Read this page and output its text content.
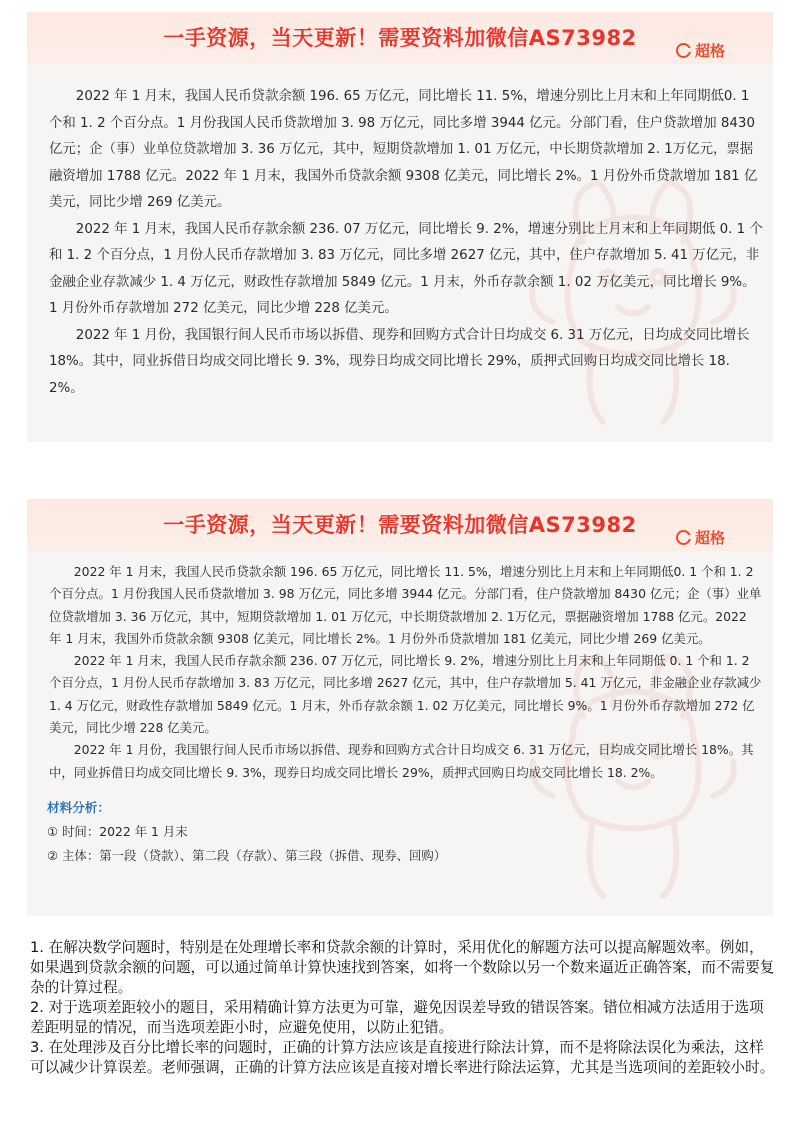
一手资源，当天更新！需要资料加微信AS73982
超格

2022 年 1 月末，我国人民币贷款余额 196. 65 万亿元，同比增长 11. 5%，增速分别比上月末和上年同期低0. 1 个和 1. 2 个百分点。1 月份我国人民币贷款增加 3. 98 万亿元，同比多增 3944 亿元。分部门看，住户贷款增加 8430 亿元；企（事）业单位贷款增加 3. 36 万亿元，其中，短期贷款增加 1. 01 万亿元，中长期贷款增加 2. 1万亿元，票据融资增加 1788 亿元。2022 年 1 月末，我国外币贷款余额 9308 亿美元，同比增长 2%。1 月份外币贷款增加 181 亿美元，同比少增 269 亿美元。

2022 年 1 月末，我国人民币存款余额 236. 07 万亿元，同比增长 9. 2%，增速分别比上月末和上年同期低 0. 1 个和 1. 2 个百分点，1 月份人民币存款增加 3. 83 万亿元，同比多增 2627 亿元，其中，住户存款增加 5. 41 万亿元，非金融企业存款减少 1. 4 万亿元，财政性存款增加 5849 亿元。1 月末，外币存款余额 1. 02 万亿美元，同比增长 9%。1 月份外币存款增加 272 亿美元，同比少增 228 亿美元。

2022 年 1 月份，我国银行间人民币市场以拆借、现券和回购方式合计日均成交 6. 31 万亿元，日均成交同比增长 18%。其中，同业拆借日均成交同比增长 9. 3%，现券日均成交同比增长 29%，质押式回购日均成交同比增长 18. 2%。

一手资源，当天更新！需要资料加微信AS73982
超格

2022 年 1 月末，我国人民币贷款余额 196. 65 万亿元，同比增长 11. 5%，增速分别比上月末和上年同期低0. 1 个和 1. 2 个百分点。1 月份我国人民币贷款增加 3. 98 万亿元，同比多增 3944 亿元。分部门看，住户贷款增加 8430 亿元；企（事）业单位贷款增加 3. 36 万亿元，其中，短期贷款增加 1. 01 万亿元，中长期贷款增加 2. 1万亿元，票据融资增加 1788 亿元。2022 年 1 月末，我国外币贷款余额 9308 亿美元，同比增长 2%。1 月份外币贷款增加 181 亿美元，同比少增 269 亿美元。

2022 年 1 月末，我国人民币存款余额 236. 07 万亿元，同比增长 9. 2%，增速分别比上月末和上年同期低 0. 1 个和 1. 2 个百分点，1 月份人民币存款增加 3. 83 万亿元，同比多增 2627 亿元，其中，住户存款增加 5. 41 万亿元，非金融企业存款减少 1. 4 万亿元，财政性存款增加 5849 亿元。1 月末，外币存款余额 1. 02 万亿美元，同比增长 9%。1 月份外币存款增加 272 亿美元，同比少增 228 亿美元。

2022 年 1 月份，我国银行间人民币市场以拆借、现券和回购方式合计日均成交 6. 31 万亿元，日均成交同比增长 18%。其中，同业拆借日均成交同比增长 9. 3%，现券日均成交同比增长 29%，质押式回购日均成交同比增长 18. 2%。

材料分析：
① 时间：2022 年 1 月末
② 主体：第一段（贷款）、第二段（存款）、第三段（拆借、现券、回购）

1. 在解决数学问题时，特别是在处理增长率和贷款余额的计算时，采用优化的解题方法可以提高解题效率。例如，如果遇到贷款余额的问题，可以通过简单计算快速找到答案，如将一个数除以另一个数来逼近正确答案，而不需要复杂的计算过程。

2. 对于选项差距较小的题目，采用精确计算方法更为可靠，避免因误差导致的错误答案。错位相减方法适用于选项差距明显的情况，而当选项差距小时，应避免使用，以防止犯错。

3. 在处理涉及百分比增长率的问题时，正确的计算方法应该是直接进行除法计算，而不是将除法误化为乘法，这样可以减少计算误差。老师强调，正确的计算方法应该是直接对增长率进行除法运算，尤其是当选项间的差距较小时。
